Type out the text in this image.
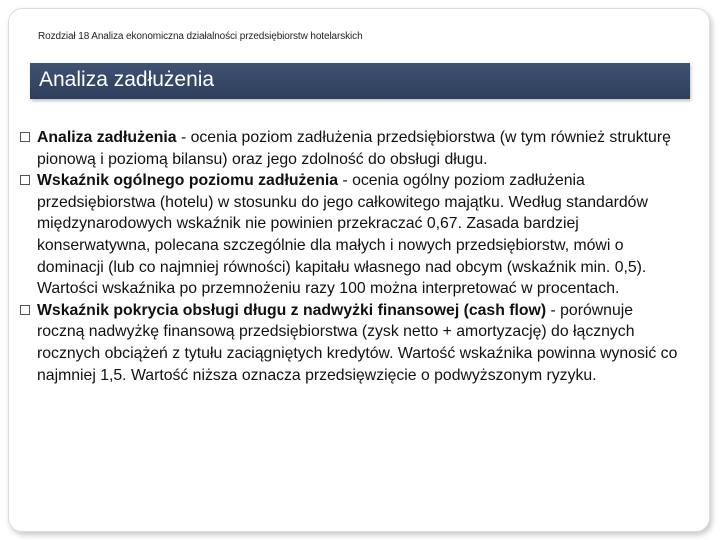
Rozdział 18 Analiza ekonomiczna działalności przedsiębiorstw hotelarskich
Analiza zadłużenia
Analiza zadłużenia - ocenia poziom zadłużenia przedsiębiorstwa (w tym również strukturę pionową i poziomą bilansu) oraz jego zdolność do obsługi długu.
Wskaźnik ogólnego poziomu zadłużenia - ocenia ogólny poziom zadłużenia przedsiębiorstwa (hotelu) w stosunku do jego całkowitego majątku. Według standardów międzynarodowych wskaźnik nie powinien przekraczać 0,67. Zasada bardziej konserwatywna, polecana szczególnie dla małych i nowych przedsiębiorstw, mówi o dominacji (lub co najmniej równości) kapitału własnego nad obcym (wskaźnik min. 0,5). Wartości wskaźnika po przemnożeniu razy 100 można interpretować w procentach.
Wskaźnik pokrycia obsługi długu z nadwyżki finansowej (cash flow) - porównuje roczną nadwyżkę finansową przedsiębiorstwa (zysk netto + amortyzację) do łącznych rocznych obciążeń z tytułu zaciągniętych kredytów. Wartość wskaźnika powinna wynosić co najmniej 1,5. Wartość niższa oznacza przedsięwzięcie o podwyższonym ryzyku.
